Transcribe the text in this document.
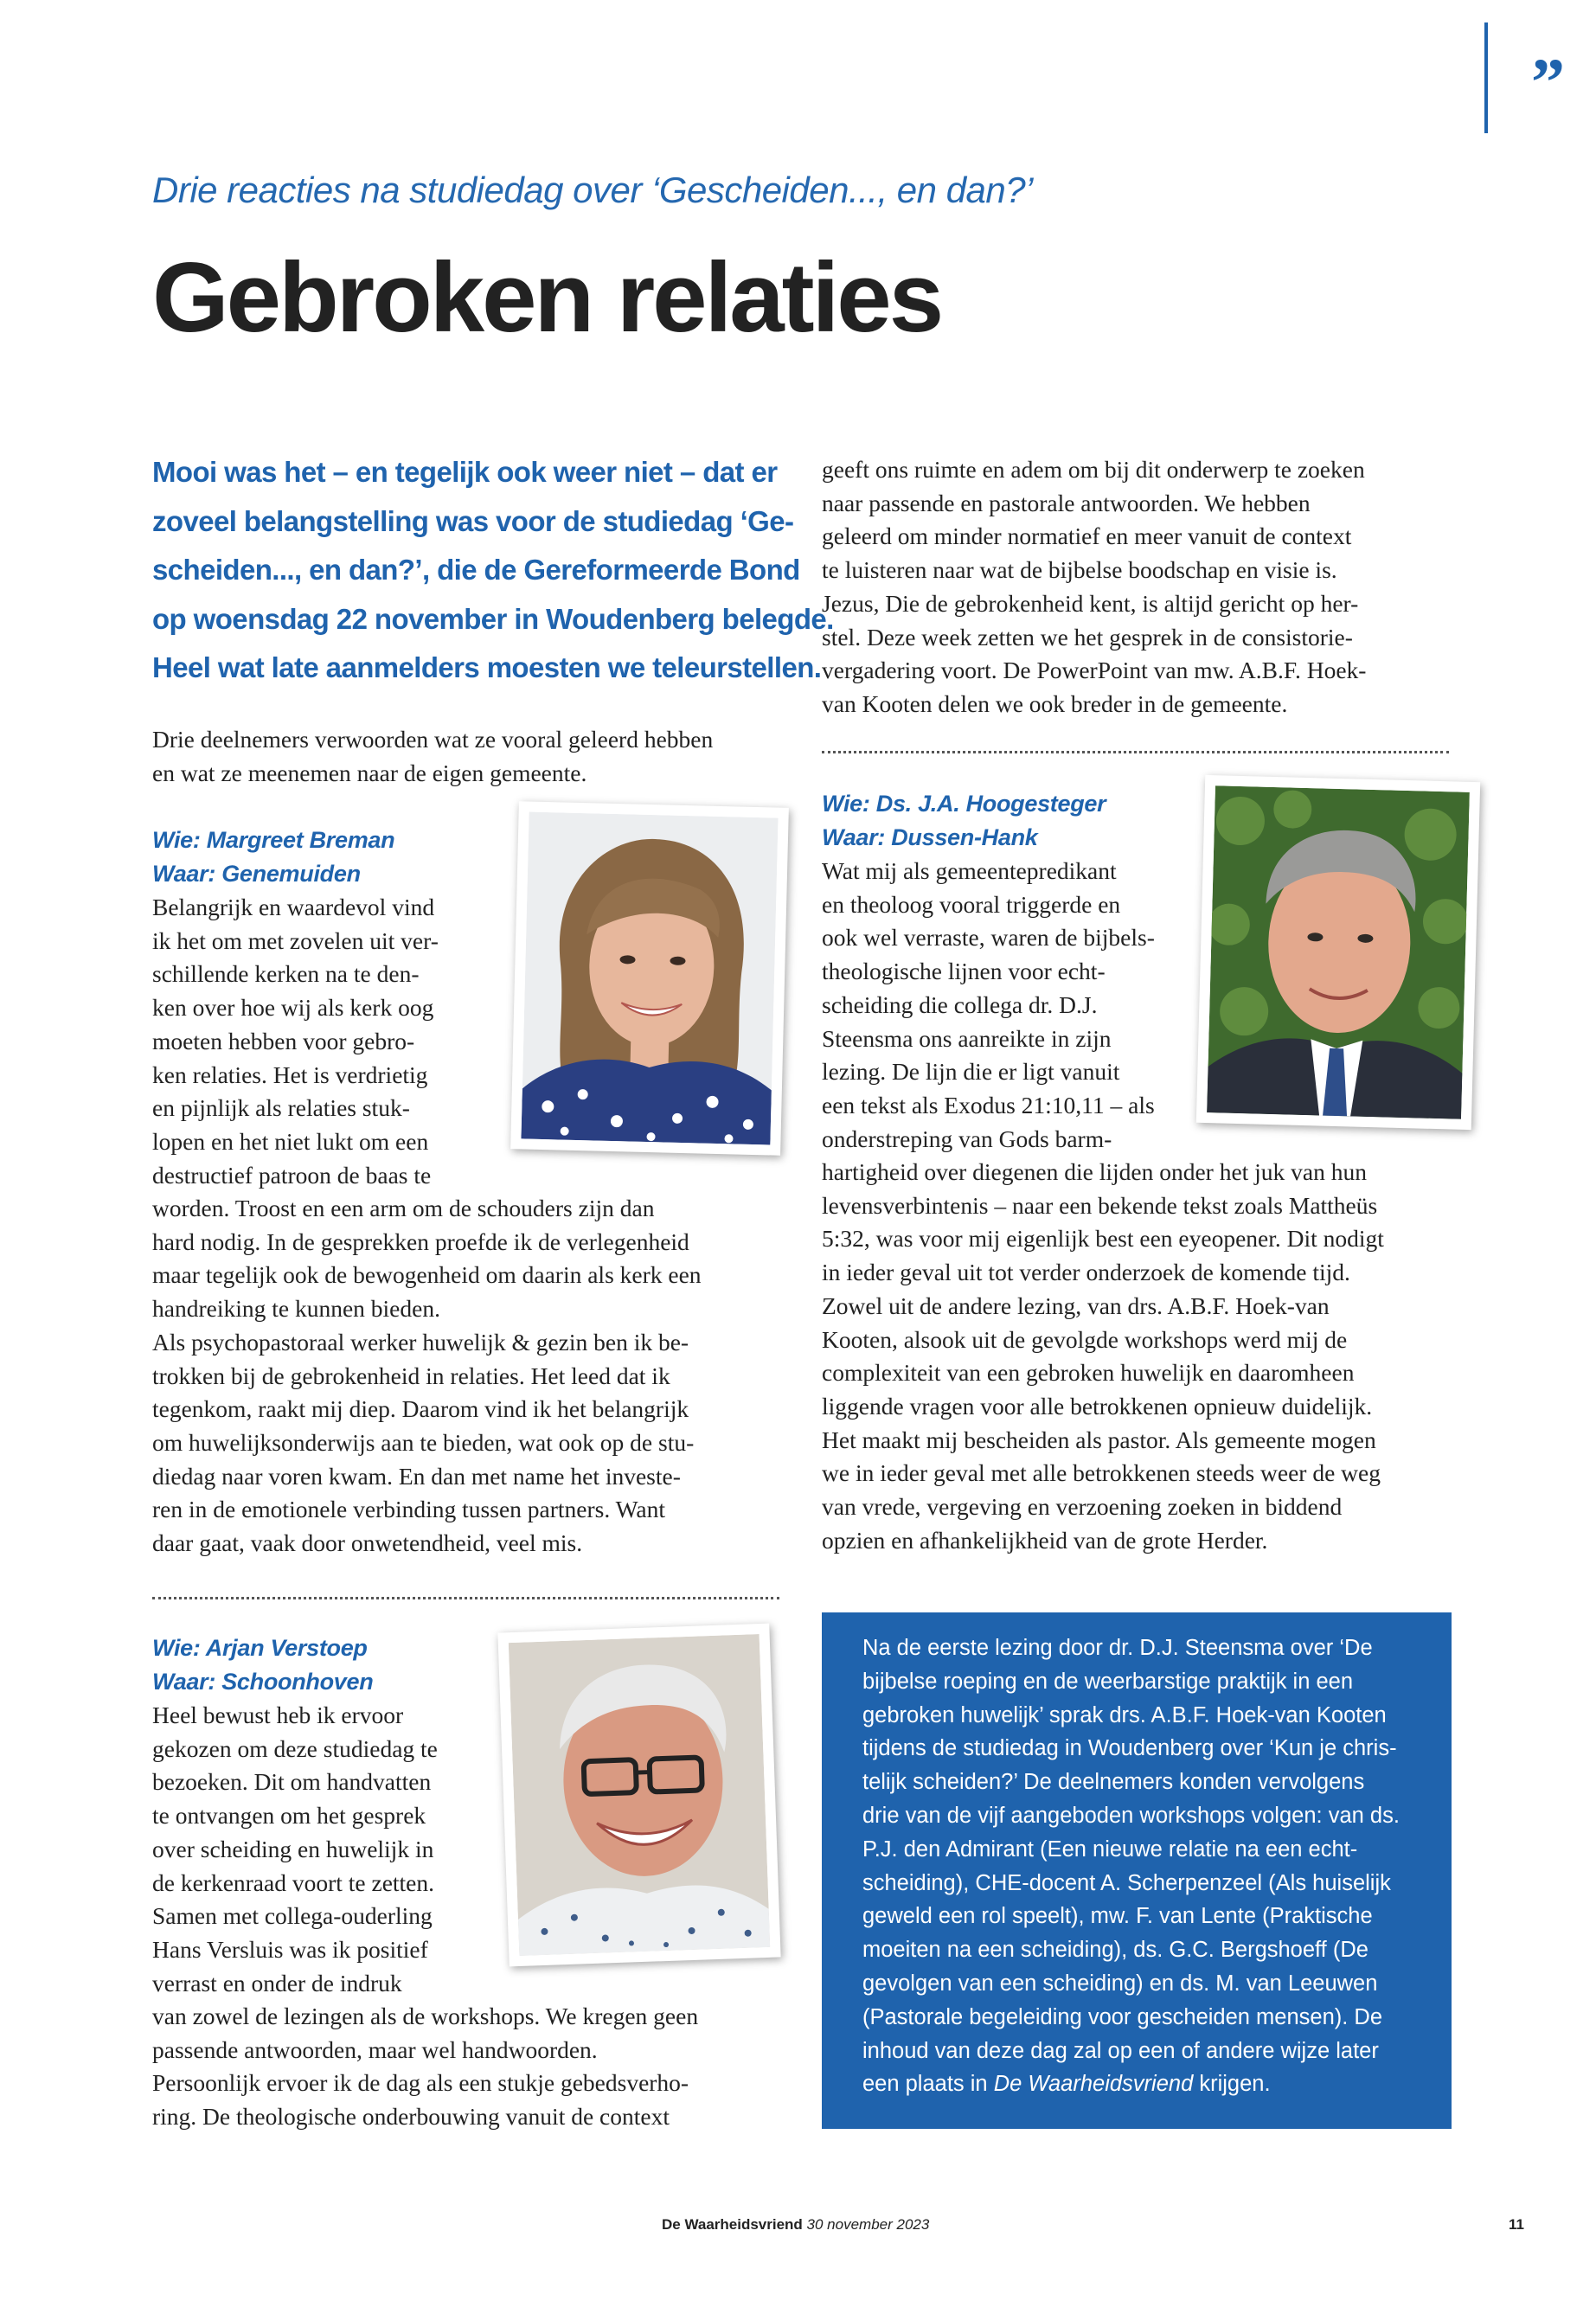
”
Drie reacties na studiedag over ‘Gescheiden..., en dan?’
Gebroken relaties
Mooi was het – en tegelijk ook weer niet – dat er
zoveel belangstelling was voor de studiedag ‘Ge-
scheiden..., en dan?’, die de Gereformeerde Bond
op woensdag 22 november in Woudenberg belegde.
Heel wat late aanmelders moesten we teleurstellen.
Drie deelnemers verwoorden wat ze vooral geleerd hebben
en wat ze meenemen naar de eigen gemeente.
Wie: Margreet Breman
Waar: Genemuiden
Belangrijk en waardevol vind
ik het om met zovelen uit ver-
schillende kerken na te den-
ken over hoe wij als kerk oog
moeten hebben voor gebro-
ken relaties. Het is verdrietig
en pijnlijk als relaties stuk-
lopen en het niet lukt om een
destructief patroon de baas te
worden. Troost en een arm om de schouders zijn dan
hard nodig. In de gesprekken proefde ik de verlegenheid
maar tegelijk ook de bewogenheid om daarin als kerk een
handreiking te kunnen bieden.
Als psychopastoraal werker huwelijk & gezin ben ik be-
trokken bij de gebrokenheid in relaties. Het leed dat ik
tegenkom, raakt mij diep. Daarom vind ik het belangrijk
om huwelijksonderwijs aan te bieden, wat ook op de stu-
diedag naar voren kwam. En dan met name het investe-
ren in de emotionele verbinding tussen partners. Want
daar gaat, vaak door onwetendheid, veel mis.
Wie: Arjan Verstoep
Waar: Schoonhoven
Heel bewust heb ik ervoor
gekozen om deze studiedag te
bezoeken. Dit om handvatten
te ontvangen om het gesprek
over scheiding en huwelijk in
de kerkenraad voort te zetten.
Samen met collega-ouderling
Hans Versluis was ik positief
verrast en onder de indruk
van zowel de lezingen als de workshops. We kregen geen
passende antwoorden, maar wel handwoorden.
Persoonlijk ervoer ik de dag als een stukje gebedsverho-
ring. De theologische onderbouwing vanuit de context
geeft ons ruimte en adem om bij dit onderwerp te zoeken
naar passende en pastorale antwoorden. We hebben
geleerd om minder normatief en meer vanuit de context
te luisteren naar wat de bijbelse boodschap en visie is.
Jezus, Die de gebrokenheid kent, is altijd gericht op her-
stel. Deze week zetten we het gesprek in de consistorie-
vergadering voort. De PowerPoint van mw. A.B.F. Hoek-
van Kooten delen we ook breder in de gemeente.
Wie: Ds. J.A. Hoogesteger
Waar: Dussen-Hank
Wat mij als gemeentepredikant
en theoloog vooral triggerde en
ook wel verraste, waren de bijbels-
theologische lijnen voor echt-
scheiding die collega dr. D.J.
Steensma ons aanreikte in zijn
lezing. De lijn die er ligt vanuit
een tekst als Exodus 21:10,11 – als
onderstreping van Gods barm-
hartigheid over diegenen die lijden onder het juk van hun
levensverbintenis – naar een bekende tekst zoals Mattheüs
5:32, was voor mij eigenlijk best een eyeopener. Dit nodigt
in ieder geval uit tot verder onderzoek de komende tijd.
Zowel uit de andere lezing, van drs. A.B.F. Hoek-van
Kooten, alsook uit de gevolgde workshops werd mij de
complexiteit van een gebroken huwelijk en daaromheen
liggende vragen voor alle betrokkenen opnieuw duidelijk.
Het maakt mij bescheiden als pastor. Als gemeente mogen
we in ieder geval met alle betrokkenen steeds weer de weg
van vrede, vergeving en verzoening zoeken in biddend
opzien en afhankelijkheid van de grote Herder.
Na de eerste lezing door dr. D.J. Steensma over ‘De
bijbelse roeping en de weerbarstige praktijk in een
gebroken huwelijk’ sprak drs. A.B.F. Hoek-van Kooten
tijdens de studiedag in Woudenberg over ‘Kun je chris-
telijk scheiden?’ De deelnemers konden vervolgens
drie van de vijf aangeboden workshops volgen: van ds.
P.J. den Admirant (Een nieuwe relatie na een echt-
scheiding), CHE-docent A. Scherpenzeel (Als huiselijk
geweld een rol speelt), mw. F. van Lente (Praktische
moeiten na een scheiding), ds. G.C. Bergshoeff (De
gevolgen van een scheiding) en ds. M. van Leeuwen
(Pastorale begeleiding voor gescheiden mensen). De
inhoud van deze dag zal op een of andere wijze later
een plaats in De Waarheidsvriend krijgen.
De Waarheidsvriend 30 november 2023	11
